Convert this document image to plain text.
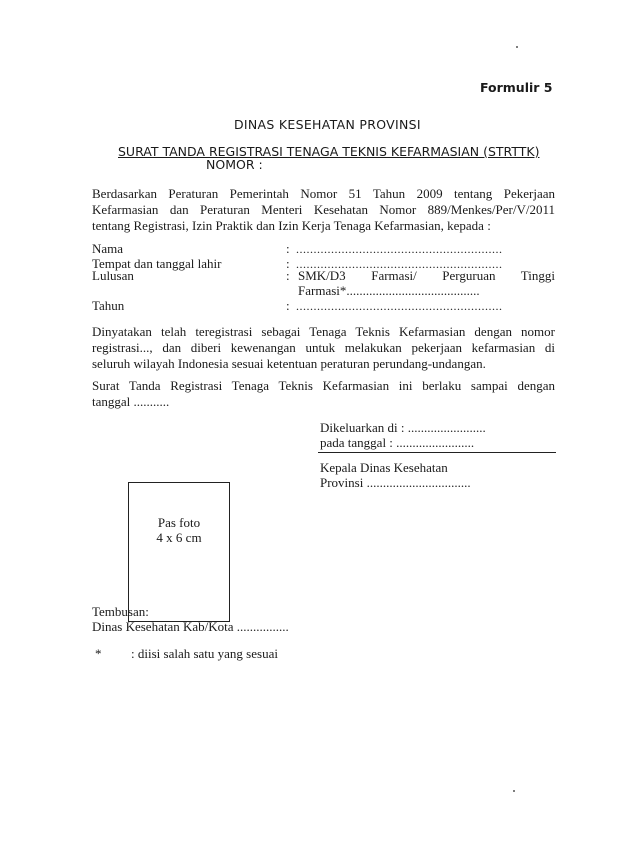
Formulir 5
DINAS KESEHATAN PROVINSI
SURAT TANDA REGISTRASI TENAGA TEKNIS KEFARMASIAN (STRTTK)
NOMOR :
Berdasarkan Peraturan Pemerintah Nomor 51 Tahun 2009 tentang Pekerjaan
Kefarmasian dan Peraturan Menteri Kesehatan Nomor 889/Menkes/Per/V/2011
tentang Registrasi, Izin Praktik dan Izin Kerja Tenaga Kefarmasian, kepada :
Nama	: ...........................................................
Tempat dan tanggal lahir	: ...........................................................
Lulusan	: SMK/D3 Farmasi/ Perguruan Tinggi
Farmasi*.........................................
Tahun	: ...........................................................
Dinyatakan telah teregistrasi sebagai Tenaga Teknis Kefarmasian dengan nomor
registrasi..., dan diberi kewenangan untuk melakukan pekerjaan kefarmasian di
seluruh wilayah Indonesia sesuai ketentuan peraturan perundang-undangan.
Surat Tanda Registrasi Tenaga Teknis Kefarmasian ini berlaku sampai dengan
tanggal ...........
Dikeluarkan di : ........................
pada tanggal : ........................
Kepala Dinas Kesehatan
Provinsi ................................
Pas foto
4 x 6 cm
Tembusan:
Dinas Kesehatan Kab/Kota ................
* : diisi salah satu yang sesuai
